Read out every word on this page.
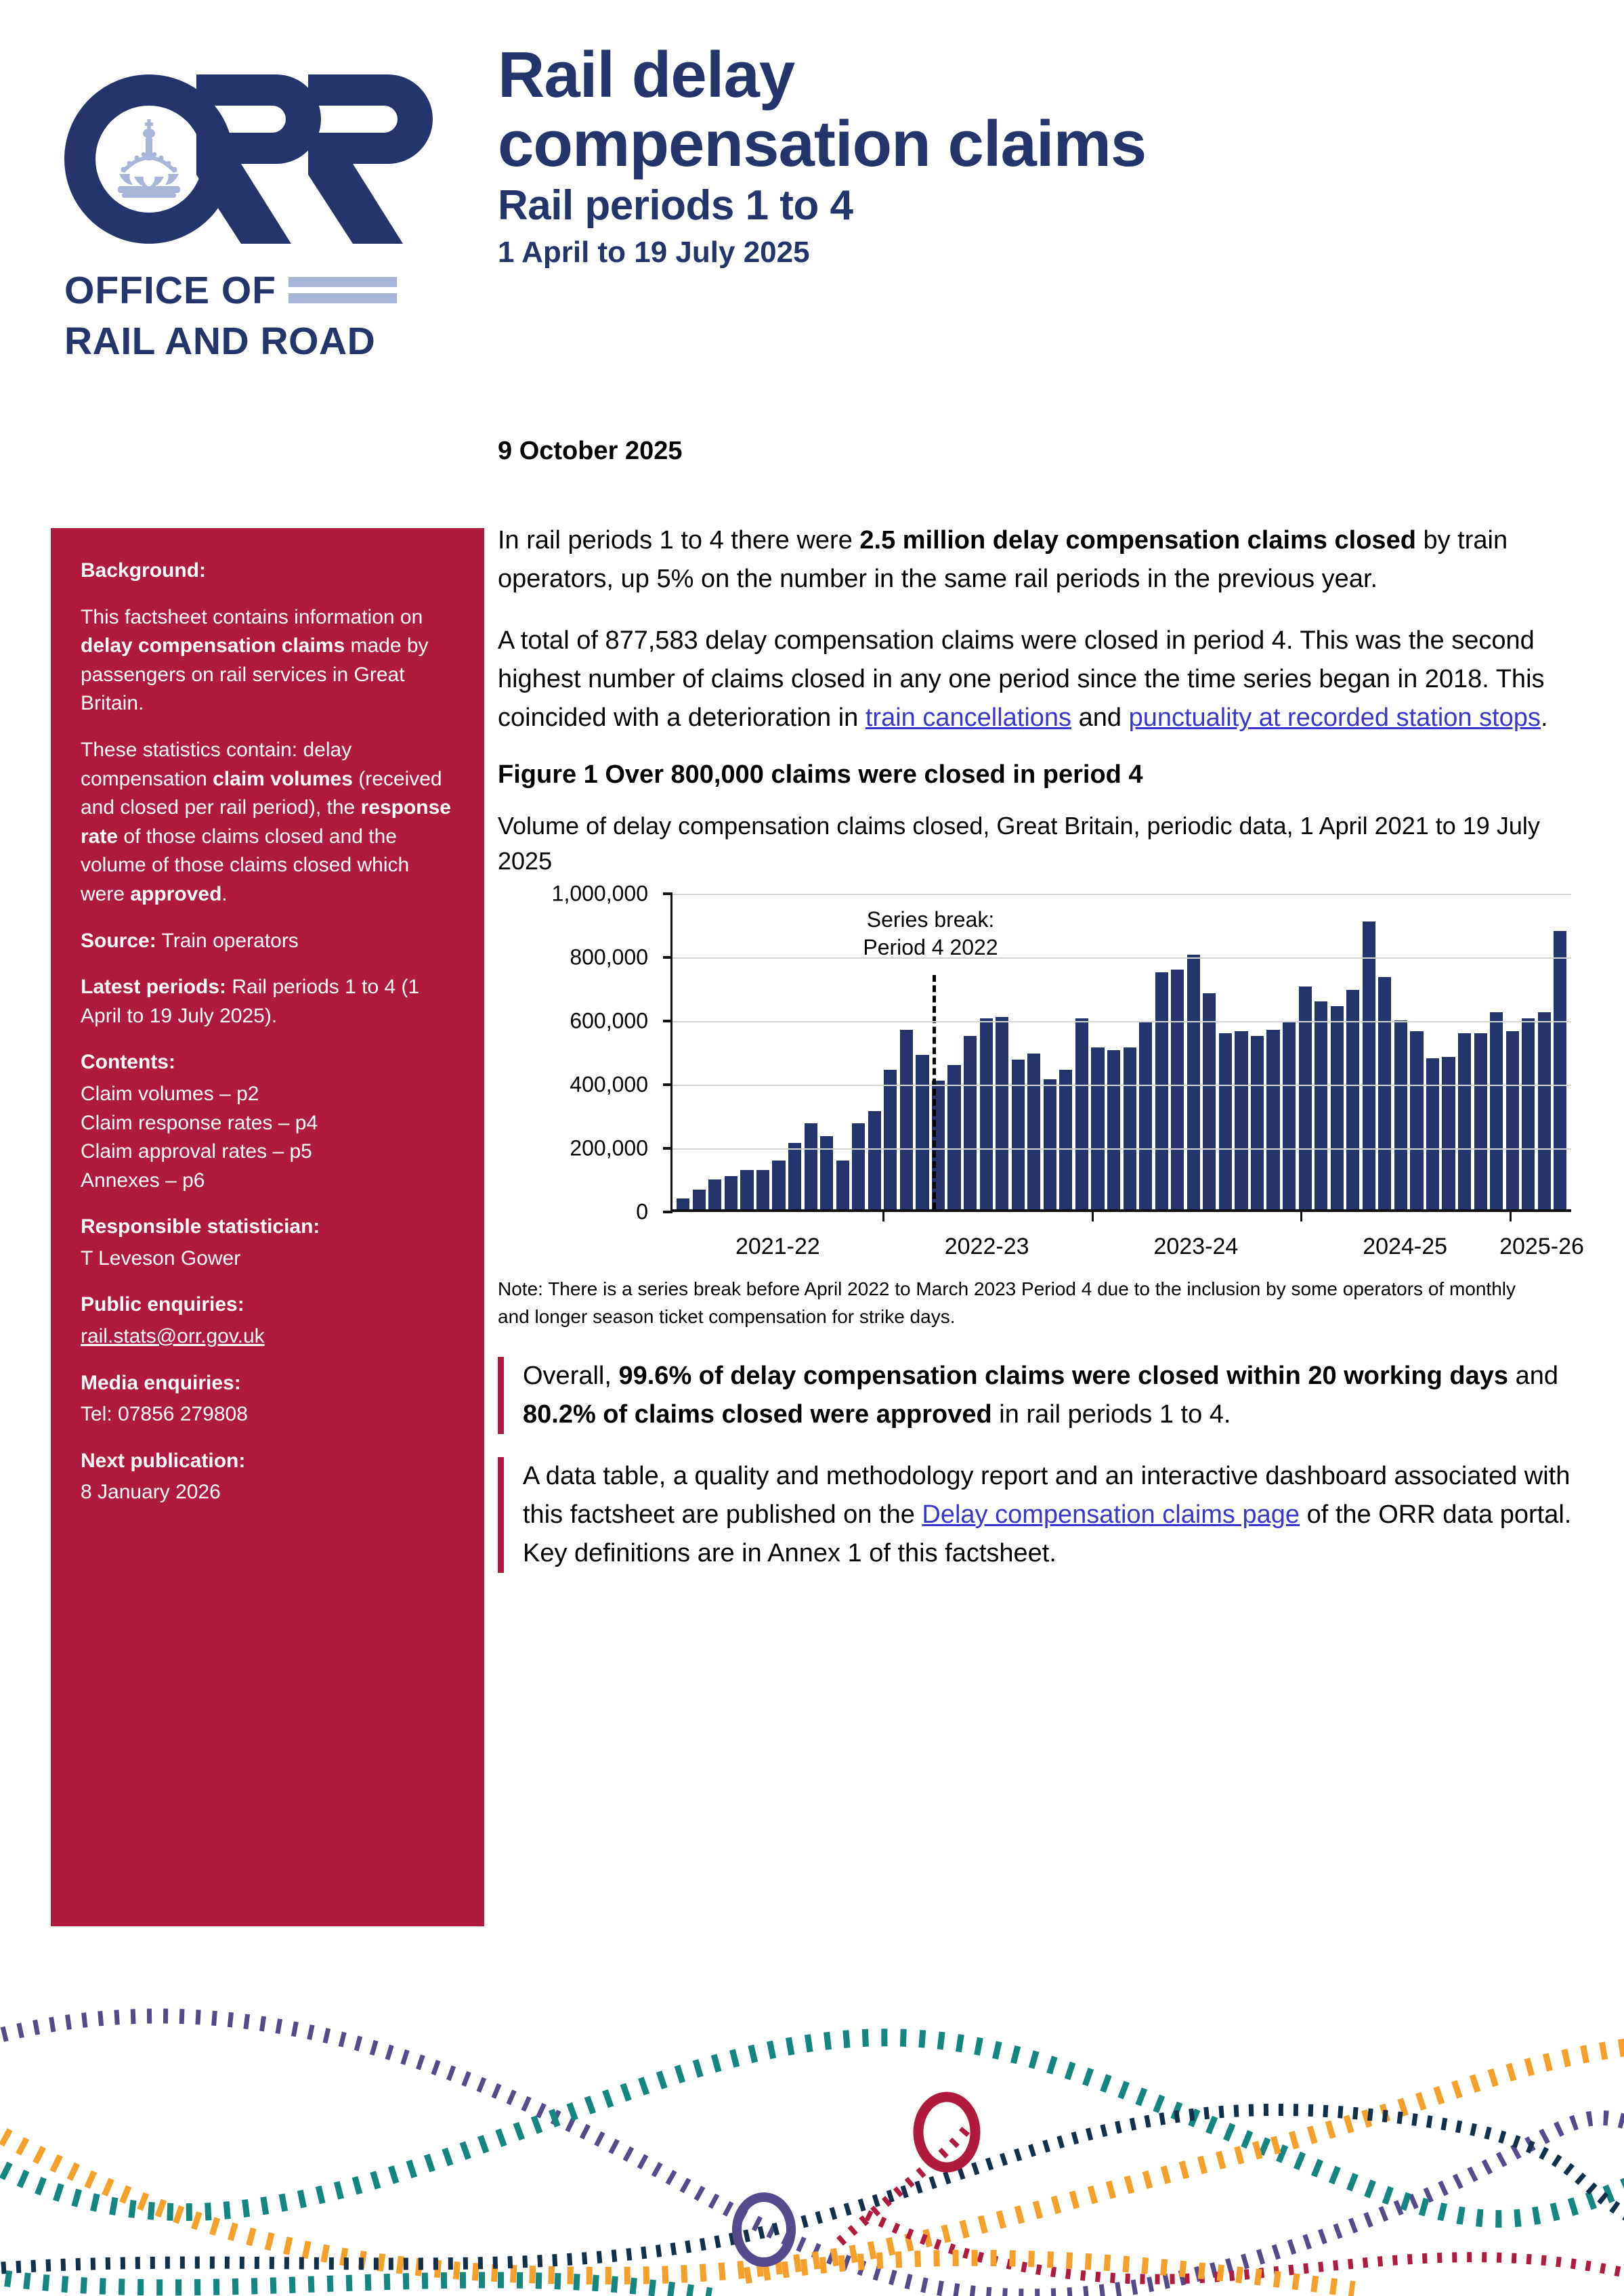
OFFICE OF
RAIL AND ROAD
Rail delay
compensation claims
Rail periods 1 to 4
1 April to 19 July 2025
9 October 2025

Background:

This factsheet contains information on delay compensation claims made by passengers on rail services in Great Britain.

These statistics contain: delay compensation claim volumes (received and closed per rail period), the response rate of those claims closed and the volume of those claims closed which were approved.

Source: Train operators

Latest periods: Rail periods 1 to 4 (1 April to 19 July 2025).

Contents:

Claim volumes – p2
Claim response rates – p4
Claim approval rates – p5
Annexes – p6

Responsible statistician:

T Leveson Gower

Public enquiries:

rail.stats@orr.gov.uk

Media enquiries:

Tel: 07856 279808

Next publication:

8 January 2026

In rail periods 1 to 4 there were 2.5 million delay compensation claims closed by train operators, up 5% on the number in the same rail periods in the previous year.

A total of 877,583 delay compensation claims were closed in period 4. This was the second highest number of claims closed in any one period since the time series began in 2018. This coincided with a deterioration in train cancellations and punctuality at recorded station stops.

Figure 1 Over 800,000 claims were closed in period 4
Volume of delay compensation claims closed, Great Britain, periodic data, 1 April 2021 to 19 July 2025
0
200,000
400,000
600,000
800,000
1,000,000
Series break:
Period 4 2022
2021-22	2022-23	2023-24	2024-25 2025-26
Note: There is a series break before April 2022 to March 2023 Period 4 due to the inclusion by some operators of monthly and longer season ticket compensation for strike days.

Overall, 99.6% of delay compensation claims were closed within 20 working days and 80.2% of claims closed were approved in rail periods 1 to 4.

A data table, a quality and methodology report and an interactive dashboard associated with this factsheet are published on the Delay compensation claims page of the ORR data portal. Key definitions are in Annex 1 of this factsheet.
